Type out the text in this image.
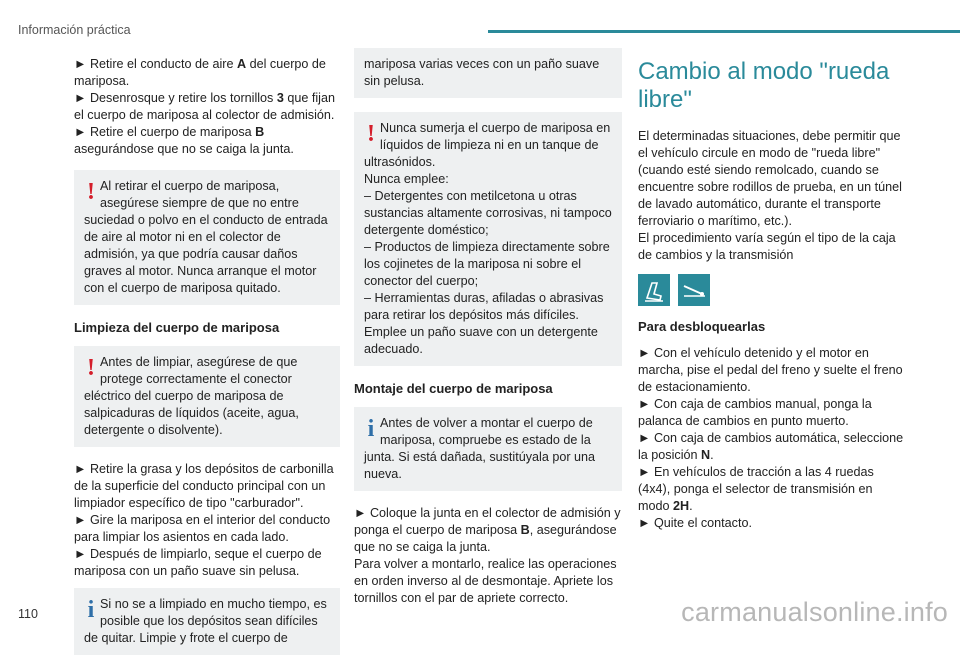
Información práctica

► Retire el conducto de aire A del cuerpo de mariposa.

► Desenrosque y retire los tornillos 3 que fijan el cuerpo de mariposa al colector de admisión.

► Retire el cuerpo de mariposa B asegurándose que no se caiga la junta.

! Al retirar el cuerpo de mariposa, asegúrese siempre de que no entre suciedad o polvo en el conducto de entrada de aire al motor ni en el colector de admisión, ya que podría causar daños graves al motor. Nunca arranque el motor con el cuerpo de mariposa quitado.

Limpieza del cuerpo de mariposa
! Antes de limpiar, asegúrese de que protege correctamente el conector eléctrico del cuerpo de mariposa de salpicaduras de líquidos (aceite, agua, detergente o disolvente).

► Retire la grasa y los depósitos de carbonilla de la superficie del conducto principal con un limpiador específico de tipo "carburador".

► Gire la mariposa en el interior del conducto para limpiar los asientos en cada lado.

► Después de limpiarlo, seque el cuerpo de mariposa con un paño suave sin pelusa.

i Si no se a limpiado en mucho tiempo, es posible que los depósitos sean difíciles de quitar. Limpie y frote el cuerpo de

mariposa varias veces con un paño suave sin pelusa.

! Nunca sumerja el cuerpo de mariposa en líquidos de limpieza ni en un tanque de ultrasónidos.

Nunca emplee:

– Detergentes con metilcetona u otras sustancias altamente corrosivas, ni tampoco detergente doméstico;

– Productos de limpieza directamente sobre los cojinetes de la mariposa ni sobre el conector del cuerpo;

– Herramientas duras, afiladas o abrasivas para retirar los depósitos más difíciles.

Emplee un paño suave con un detergente adecuado.

Montaje del cuerpo de mariposa
i Antes de volver a montar el cuerpo de mariposa, compruebe es estado de la junta. Si está dañada, sustitúyala por una nueva.

► Coloque la junta en el colector de admisión y ponga el cuerpo de mariposa B, asegurándose que no se caiga la junta.

Para volver a montarlo, realice las operaciones en orden inverso al de desmontaje. Apriete los tornillos con el par de apriete correcto.

Cambio al modo "rueda libre"

El determinadas situaciones, debe permitir que el vehículo circule en modo de "rueda libre" (cuando esté siendo remolcado, cuando se encuentre sobre rodillos de prueba, en un túnel de lavado automático, durante el transporte ferroviario o marítimo, etc.).

El procedimiento varía según el tipo de la caja de cambios y la transmisión

Para desbloquearlas

► Con el vehículo detenido y el motor en marcha, pise el pedal del freno y suelte el freno de estacionamiento.

► Con caja de cambios manual, ponga la palanca de cambios en punto muerto.

► Con caja de cambios automática, seleccione la posición N.

► En vehículos de tracción a las 4 ruedas (4x4), ponga el selector de transmisión en modo 2H.

► Quite el contacto.

110	carmanualsonline.info
